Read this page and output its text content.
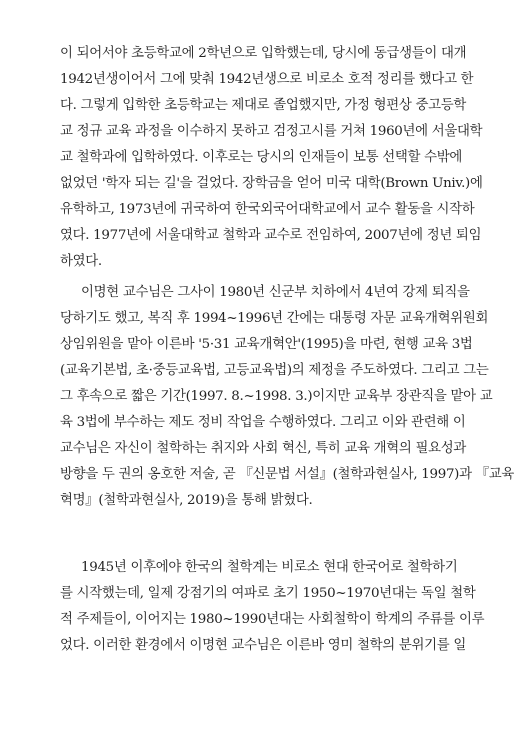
이 되어서야 초등학교에 2학년으로 입학했는데, 당시에 동급생들이 대개
1942년생이어서 그에 맞춰 1942년생으로 비로소 호적 정리를 했다고 한
다. 그렇게 입학한 초등학교는 제대로 졸업했지만, 가정 형편상 중고등학
교 정규 교육 과정을 이수하지 못하고 검정고시를 거쳐 1960년에 서울대학
교 철학과에 입학하였다. 이후로는 당시의 인재들이 보통 선택할 수밖에
없었던 '학자 되는 길'을 걸었다. 장학금을 얻어 미국 대학(Brown Univ.)에
유학하고, 1973년에 귀국하여 한국외국어대학교에서 교수 활동을 시작하
였다. 1977년에 서울대학교 철학과 교수로 전임하여, 2007년에 정년 퇴임
하였다.
이명현 교수님은 그사이 1980년 신군부 치하에서 4년여 강제 퇴직을
당하기도 했고, 복직 후 1994~1996년 간에는 대통령 자문 교육개혁위원회
상임위원을 맡아 이른바 '5·31 교육개혁안'(1995)을 마련, 현행 교육 3법
(교육기본법, 초·중등교육법, 고등교육법)의 제정을 주도하였다. 그리고 그는
그 후속으로 짧은 기간(1997. 8.~1998. 3.)이지만 교육부 장관직을 맡아 교
육 3법에 부수하는 제도 정비 작업을 수행하였다. 그리고 이와 관련해 이
교수님은 자신이 철학하는 취지와 사회 혁신, 특히 교육 개혁의 필요성과
방향을 두 권의 옹호한 저술, 곧 『신문법 서설』(철학과현실사, 1997)과 『교육
혁명』(철학과현실사, 2019)을 통해 밝혔다.
1945년 이후에야 한국의 철학계는 비로소 현대 한국어로 철학하기
를 시작했는데, 일제 강점기의 여파로 초기 1950~1970년대는 독일 철학
적 주제들이, 이어지는 1980~1990년대는 사회철학이 학계의 주류를 이루
었다. 이러한 환경에서 이명현 교수님은 이른바 영미 철학의 분위기를 일
